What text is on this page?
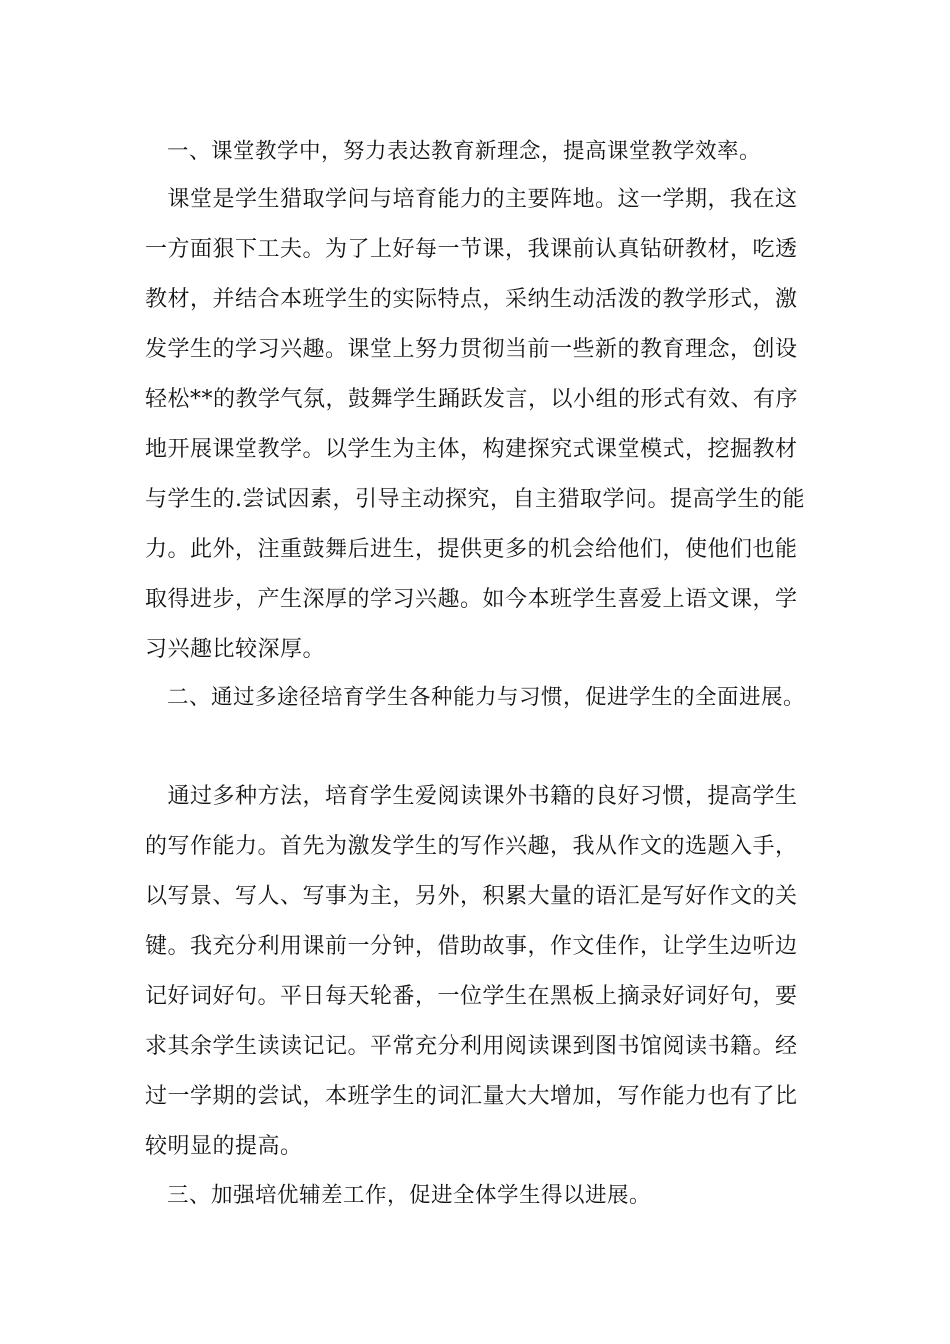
　一、课堂教学中，努力表达教育新理念，提高课堂教学效率。
　课堂是学生猎取学问与培育能力的主要阵地。这一学期，我在这
一方面狠下工夫。为了上好每一节课，我课前认真钻研教材，吃透
教材，并结合本班学生的实际特点，采纳生动活泼的教学形式，激
发学生的学习兴趣。课堂上努力贯彻当前一些新的教育理念，创设
轻松**的教学气氛，鼓舞学生踊跃发言，以小组的形式有效、有序
地开展课堂教学。以学生为主体，构建探究式课堂模式，挖掘教材
与学生的.尝试因素，引导主动探究，自主猎取学问。提高学生的能
力。此外，注重鼓舞后进生，提供更多的机会给他们，使他们也能
取得进步，产生深厚的学习兴趣。如今本班学生喜爱上语文课，学
习兴趣比较深厚。
　二、通过多途径培育学生各种能力与习惯，促进学生的全面进展。
　通过多种方法，培育学生爱阅读课外书籍的良好习惯，提高学生
的写作能力。首先为激发学生的写作兴趣，我从作文的选题入手，
以写景、写人、写事为主，另外，积累大量的语汇是写好作文的关
键。我充分利用课前一分钟，借助故事，作文佳作，让学生边听边
记好词好句。平日每天轮番，一位学生在黑板上摘录好词好句，要
求其余学生读读记记。平常充分利用阅读课到图书馆阅读书籍。经
过一学期的尝试，本班学生的词汇量大大增加，写作能力也有了比
较明显的提高。
　三、加强培优辅差工作，促进全体学生得以进展。
